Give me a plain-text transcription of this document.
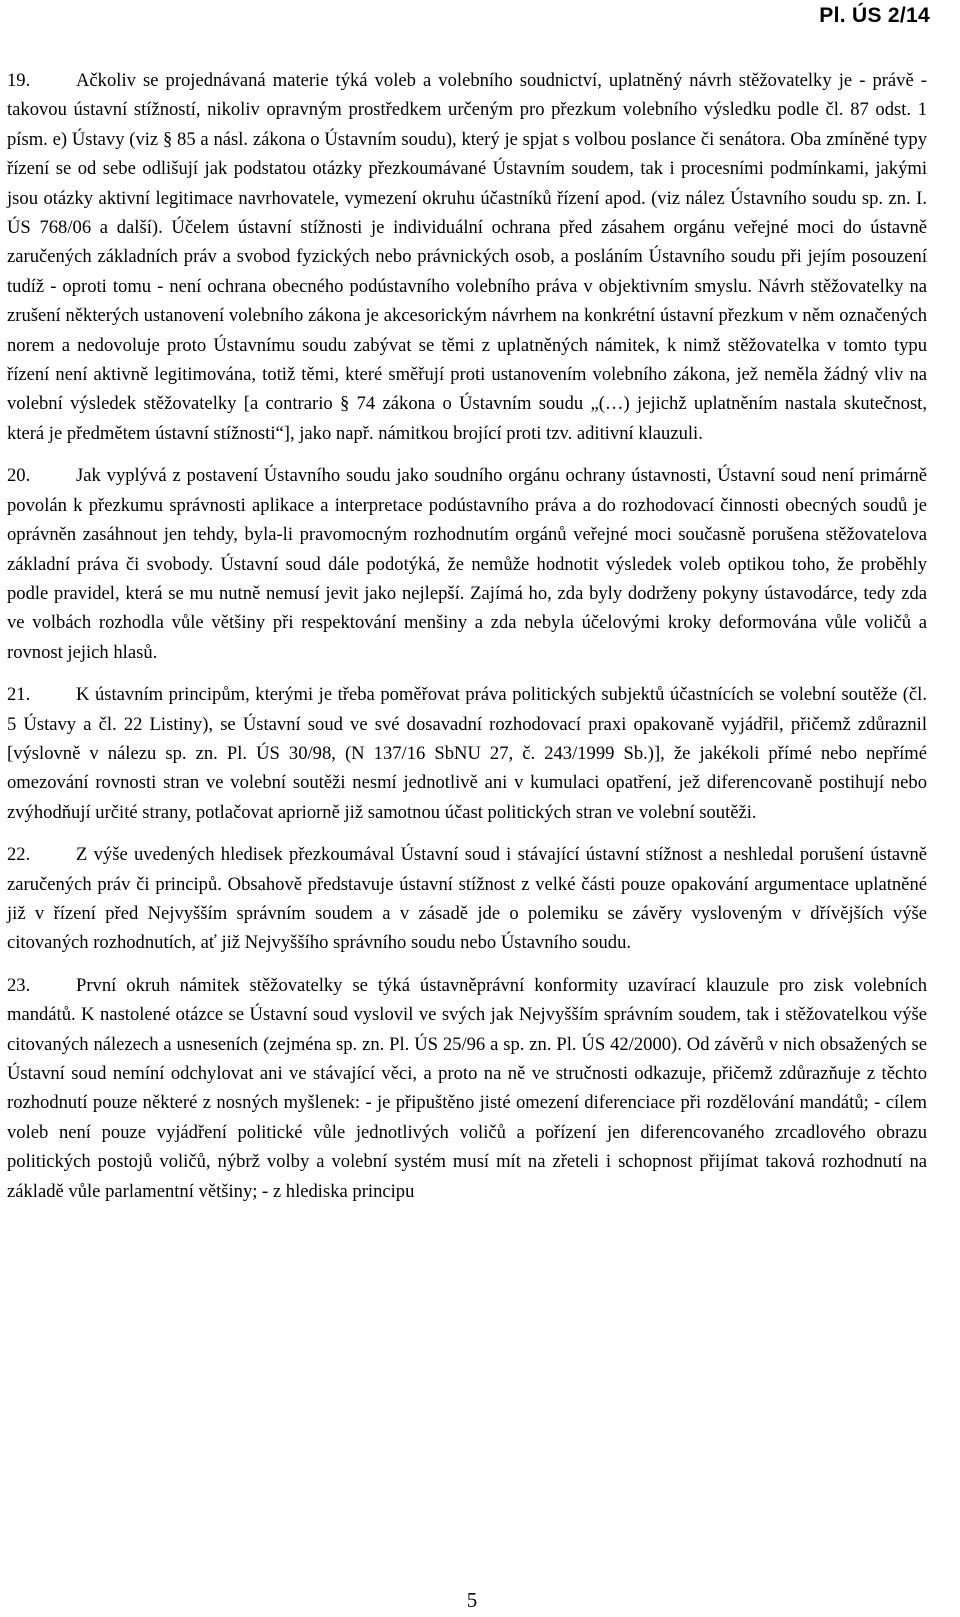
Pl. ÚS 2/14

19. Ačkoliv se projednávaná materie týká voleb a volebního soudnictví, uplatněný návrh stěžovatelky je - právě - takovou ústavní stížností, nikoliv opravným prostředkem určeným pro přezkum volebního výsledku podle čl. 87 odst. 1 písm. e) Ústavy (viz § 85 a násl. zákona o Ústavním soudu), který je spjat s volbou poslance či senátora. Oba zmíněné typy řízení se od sebe odlišují jak podstatou otázky přezkoumávané Ústavním soudem, tak i procesními podmínkami, jakými jsou otázky aktivní legitimace navrhovatele, vymezení okruhu účastníků řízení apod. (viz nález Ústavního soudu sp. zn. I. ÚS 768/06 a další). Účelem ústavní stížnosti je individuální ochrana před zásahem orgánu veřejné moci do ústavně zaručených základních práv a svobod fyzických nebo právnických osob, a posláním Ústavního soudu při jejím posouzení tudíž - oproti tomu - není ochrana obecného podústavního volebního práva v objektivním smyslu. Návrh stěžovatelky na zrušení některých ustanovení volebního zákona je akcesorickým návrhem na konkrétní ústavní přezkum v něm označených norem a nedovoluje proto Ústavnímu soudu zabývat se těmi z uplatněných námitek, k nimž stěžovatelka v tomto typu řízení není aktivně legitimována, totiž těmi, které směřují proti ustanovením volebního zákona, jež neměla žádný vliv na volební výsledek stěžovatelky [a contrario § 74 zákona o Ústavním soudu „(…) jejichž uplatněním nastala skutečnost, která je předmětem ústavní stížnosti“], jako např. námitkou brojící proti tzv. aditivní klauzuli.

20. Jak vyplývá z postavení Ústavního soudu jako soudního orgánu ochrany ústavnosti, Ústavní soud není primárně povolán k přezkumu správnosti aplikace a interpretace podústavního práva a do rozhodovací činnosti obecných soudů je oprávněn zasáhnout jen tehdy, byla-li pravomocným rozhodnutím orgánů veřejné moci současně porušena stěžovatelova základní práva či svobody. Ústavní soud dále podotýká, že nemůže hodnotit výsledek voleb optikou toho, že proběhly podle pravidel, která se mu nutně nemusí jevit jako nejlepší. Zajímá ho, zda byly dodrženy pokyny ústavodárce, tedy zda ve volbách rozhodla vůle většiny při respektování menšiny a zda nebyla účelovými kroky deformována vůle voličů a rovnost jejich hlasů.

21. K ústavním principům, kterými je třeba poměřovat práva politických subjektů účastnících se volební soutěže (čl. 5 Ústavy a čl. 22 Listiny), se Ústavní soud ve své dosavadní rozhodovací praxi opakovaně vyjádřil, přičemž zdůraznil [výslovně v nálezu sp. zn. Pl. ÚS 30/98, (N 137/16 SbNU 27, č. 243/1999 Sb.)], že jakékoli přímé nebo nepřímé omezování rovnosti stran ve volební soutěži nesmí jednotlivě ani v kumulaci opatření, jež diferencovaně postihují nebo zvýhodňují určité strany, potlačovat apriorně již samotnou účast politických stran ve volební soutěži.

22. Z výše uvedených hledisek přezkoumával Ústavní soud i stávající ústavní stížnost a neshledal porušení ústavně zaručených práv či principů. Obsahově představuje ústavní stížnost z velké části pouze opakování argumentace uplatněné již v řízení před Nejvyšším správním soudem a v zásadě jde o polemiku se závěry vysloveným v dřívějších výše citovaných rozhodnutích, ať již Nejvyššího správního soudu nebo Ústavního soudu.

23. První okruh námitek stěžovatelky se týká ústavněprávní konformity uzavírací klauzule pro zisk volebních mandátů. K nastolené otázce se Ústavní soud vyslovil ve svých jak Nejvyšším správním soudem, tak i stěžovatelkou výše citovaných nálezech a usneseních (zejména sp. zn. Pl. ÚS 25/96 a sp. zn. Pl. ÚS 42/2000). Od závěrů v nich obsažených se Ústavní soud nemíní odchylovat ani ve stávající věci, a proto na ně ve stručnosti odkazuje, přičemž zdůrazňuje z těchto rozhodnutí pouze některé z nosných myšlenek: - je připuštěno jisté omezení diferenciace při rozdělování mandátů; - cílem voleb není pouze vyjádření politické vůle jednotlivých voličů a pořízení jen diferencovaného zrcadlového obrazu politických postojů voličů, nýbrž volby a volební systém musí mít na zřeteli i schopnost přijímat taková rozhodnutí na základě vůle parlamentní většiny; - z hlediska principu

5
